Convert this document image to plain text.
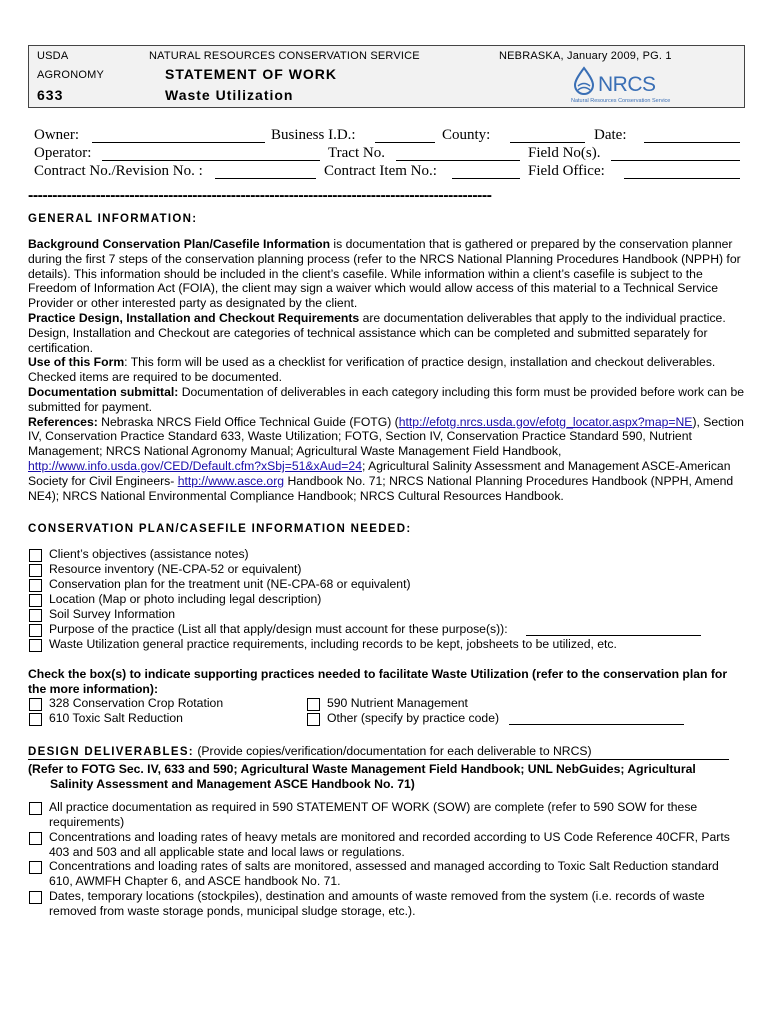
USDA	NATURAL RESOURCES CONSERVATION SERVICE	NEBRASKA, January 2009, PG. 1
AGRONOMY	STATEMENT OF WORK
633	Waste Utilization	NRCS
Natural Resources Conservation Service
Owner:	Business I.D.:	County:	Date:
Operator:	Tract No.	Field No(s).
Contract No./Revision No. :	Contract Item No.:	Field Office:
------------------------------------------------------------------------------------------------
GENERAL INFORMATION:
Background Conservation Plan/Casefile Information is documentation that is gathered or prepared by the conservation planner during the first 7 steps of the conservation planning process (refer to the NRCS National Planning Procedures Handbook (NPPH) for details). This information should be included in the client’s casefile. While information within a client’s casefile is subject to the Freedom of Information Act (FOIA), the client may sign a waiver which would allow access of this material to a Technical Service Provider or other interested party as designated by the client.
Practice Design, Installation and Checkout Requirements are documentation deliverables that apply to the individual practice. Design, Installation and Checkout are categories of technical assistance which can be completed and submitted separately for certification.
Use of this Form: This form will be used as a checklist for verification of practice design, installation and checkout deliverables. Checked items are required to be documented.
Documentation submittal: Documentation of deliverables in each category including this form must be provided before work can be submitted for payment.
References: Nebraska NRCS Field Office Technical Guide (FOTG) (http://efotg.nrcs.usda.gov/efotg_locator.aspx?map=NE), Section IV, Conservation Practice Standard 633, Waste Utilization; FOTG, Section IV, Conservation Practice Standard 590, Nutrient Management; NRCS National Agronomy Manual; Agricultural Waste Management Field Handbook, http://www.info.usda.gov/CED/Default.cfm?xSbj=51&xAud=24; Agricultural Salinity Assessment and Management ASCE-American Society for Civil Engineers- http://www.asce.org Handbook No. 71; NRCS National Planning Procedures Handbook (NPPH, Amend NE4); NRCS National Environmental Compliance Handbook; NRCS Cultural Resources Handbook.
CONSERVATION PLAN/CASEFILE INFORMATION NEEDED:
Client’s objectives (assistance notes)
Resource inventory (NE-CPA-52 or equivalent)
Conservation plan for the treatment unit (NE-CPA-68 or equivalent)
Location (Map or photo including legal description)
Soil Survey Information
Purpose of the practice (List all that apply/design must account for these purpose(s)):
Waste Utilization general practice requirements, including records to be kept, jobsheets to be utilized, etc.
Check the box(s) to indicate supporting practices needed to facilitate Waste Utilization (refer to the conservation plan for the more information):
328 Conservation Crop Rotation
610 Toxic Salt Reduction
590 Nutrient Management
Other (specify by practice code)
DESIGN DELIVERABLES: (Provide copies/verification/documentation for each deliverable to NRCS)
(Refer to FOTG Sec. IV, 633 and 590; Agricultural Waste Management Field Handbook; UNL NebGuides; Agricultural Salinity Assessment and Management ASCE Handbook No. 71)
All practice documentation as required in 590 STATEMENT OF WORK (SOW) are complete (refer to 590 SOW for these requirements)
Concentrations and loading rates of heavy metals are monitored and recorded according to US Code Reference 40CFR, Parts 403 and 503 and all applicable state and local laws or regulations.
Concentrations and loading rates of salts are monitored, assessed and managed according to Toxic Salt Reduction standard 610, AWMFH Chapter 6, and ASCE handbook No. 71.
Dates, temporary locations (stockpiles), destination and amounts of waste removed from the system (i.e. records of waste removed from waste storage ponds, municipal sludge storage, etc.).
